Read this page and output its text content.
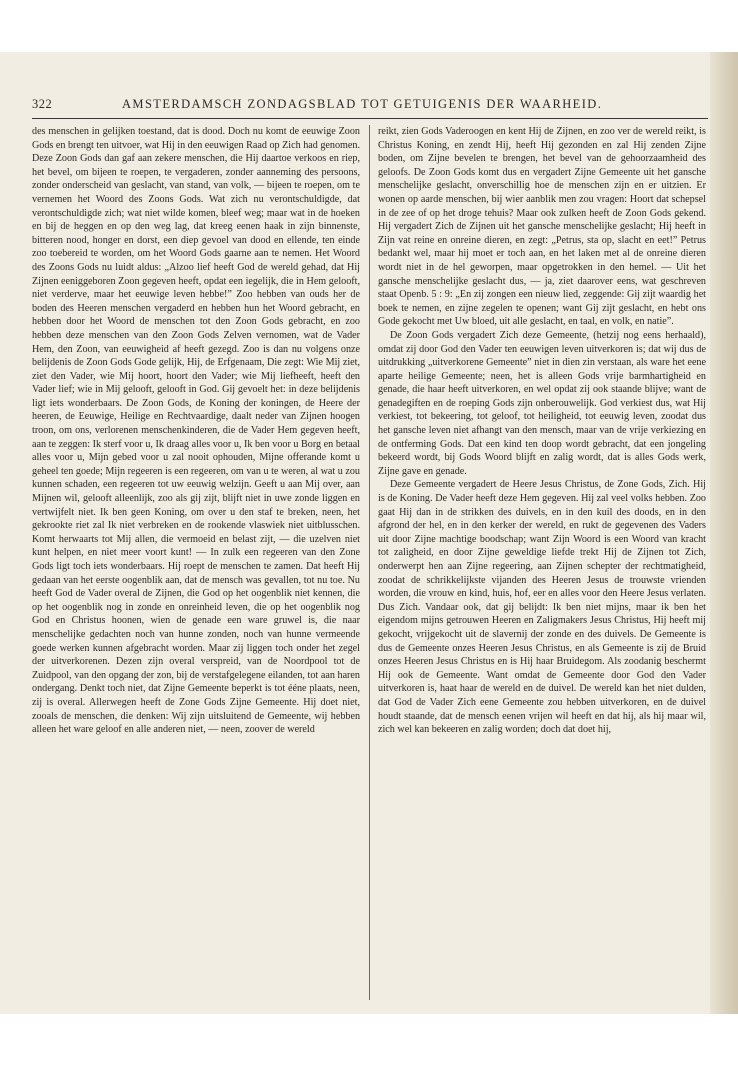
322	AMSTERDAMSCH ZONDAGSBLAD TOT GETUIGENIS DER WAARHEID.

des menschen in gelijken toestand, dat is dood. Doch nu komt de eeuwige Zoon Gods en brengt ten uitvoer, wat Hij in den eeuwigen Raad op Zich had genomen. Deze Zoon Gods dan gaf aan zekere menschen, die Hij daartoe verkoos en riep, het bevel, om bijeen te roepen, te vergaderen, zonder aanneming des persoons, zonder onderscheid van geslacht, van stand, van volk, — bijeen te roepen, om te vernemen het Woord des Zoons Gods. Wat zich nu verontschuldigde, dat verontschuldigde zich; wat niet wilde komen, bleef weg; maar wat in de hoeken en bij de heggen en op den weg lag, dat kreeg eenen haak in zijn binnenste, bitteren nood, honger en dorst, een diep gevoel van dood en ellende, ten einde zoo toebereid te worden, om het Woord Gods gaarne aan te nemen. Het Woord des Zoons Gods nu luidt aldus: „Alzoo lief heeft God de wereld gehad, dat Hij Zijnen eeniggeboren Zoon gegeven heeft, opdat een iegelijk, die in Hem gelooft, niet verderve, maar het eeuwige leven hebbe!” Zoo hebben van ouds her de boden des Heeren menschen vergaderd en hebben hun het Woord gebracht, en hebben door het Woord de menschen tot den Zoon Gods gebracht, en zoo hebben deze menschen van den Zoon Gods Zelven vernomen, wat de Vader Hem, den Zoon, van eeuwigheid af heeft gezegd. Zoo is dan nu volgens onze belijdenis de Zoon Gods Gode gelijk, Hij, de Erfgenaam, Die zegt: Wie Mij ziet, ziet den Vader, wie Mij hoort, hoort den Vader; wie Mij liefheeft, heeft den Vader lief; wie in Mij gelooft, gelooft in God. Gij gevoelt het: in deze belijdenis ligt iets wonderbaars. De Zoon Gods, de Koning der koningen, de Heere der heeren, de Eeuwige, Heilige en Rechtvaardige, daalt neder van Zijnen hoogen troon, om ons, verlorenen menschenkinderen, die de Vader Hem gegeven heeft, aan te zeggen: Ik sterf voor u, Ik draag alles voor u, Ik ben voor u Borg en betaal alles voor u, Mijn gebed voor u zal nooit ophouden, Mijne offerande komt u geheel ten goede; Mijn regeeren is een regeeren, om van u te weren, al wat u zou kunnen schaden, een regeeren tot uw eeuwig welzijn. Geeft u aan Mij over, aan Mijnen wil, gelooft alleenlijk, zoo als gij zijt, blijft niet in uwe zonde liggen en vertwijfelt niet. Ik ben geen Koning, om over u den staf te breken, neen, het gekrookte riet zal Ik niet verbreken en de rookende vlaswiek niet uitblusschen. Komt herwaarts tot Mij allen, die vermoeid en belast zijt, — die uzelven niet kunt helpen, en niet meer voort kunt! — In zulk een regeeren van den Zone Gods ligt toch iets wonderbaars. Hij roept de menschen te zamen. Dat heeft Hij gedaan van het eerste oogenblik aan, dat de mensch was gevallen, tot nu toe. Nu heeft God de Vader overal de Zijnen, die God op het oogenblik niet kennen, die op het oogenblik nog in zonde en onreinheid leven, die op het oogenblik nog God en Christus hoonen, wien de genade een ware gruwel is, die naar menschelijke gedachten noch van hunne zonden, noch van hunne vermeende goede werken kunnen afgebracht worden. Maar zij liggen toch onder het zegel der uitverkorenen. Dezen zijn overal verspreid, van de Noordpool tot de Zuidpool, van den opgang der zon, bij de verstafgelegene eilanden, tot aan haren ondergang. Denkt toch niet, dat Zijne Gemeente beperkt is tot ééne plaats, neen, zij is overal. Allerwegen heeft de Zone Gods Zijne Gemeente. Hij doet niet, zooals de menschen, die denken: Wij zijn uitsluitend de Gemeente, wij hebben alleen het ware geloof en alle anderen niet, — neen, zoover de wereld

reikt, zien Gods Vaderoogen en kent Hij de Zijnen, en zoo ver de wereld reikt, is Christus Koning, en zendt Hij, heeft Hij gezonden en zal Hij zenden Zijne boden, om Zijne bevelen te brengen, het bevel van de gehoorzaamheid des geloofs. De Zoon Gods komt dus en vergadert Zijne Gemeente uit het gansche menschelijke geslacht, onverschillig hoe de menschen zijn en er uitzien. Er wonen op aarde menschen, bij wier aanblik men zou vragen: Hoort dat schepsel in de zee of op het droge tehuis? Maar ook zulken heeft de Zoon Gods gekend. Hij vergadert Zich de Zijnen uit het gansche menschelijke geslacht; Hij heeft in Zijn vat reine en onreine dieren, en zegt: „Petrus, sta op, slacht en eet!” Petrus bedankt wel, maar hij moet er toch aan, en het laken met al de onreine dieren wordt niet in de hel geworpen, maar opgetrokken in den hemel. — Uit het gansche menschelijke geslacht dus, — ja, ziet daarover eens, wat geschreven staat Openb. 5 : 9: „En zij zongen een nieuw lied, zeggende: Gij zijt waardig het boek te nemen, en zijne zegelen te openen; want Gij zijt geslacht, en hebt ons Gode gekocht met Uw bloed, uit alle geslacht, en taal, en volk, en natie”.

De Zoon Gods vergadert Zich deze Gemeente, (hetzij nog eens herhaald), omdat zij door God den Vader ten eeuwigen leven uitverkoren is; dat wij dus de uitdrukking „uitverkorene Gemeente” niet in dien zin verstaan, als ware het eene aparte heilige Gemeente; neen, het is alleen Gods vrije barmhartigheid en genade, die haar heeft uitverkoren, en wel opdat zij ook staande blijve; want de genadegiften en de roeping Gods zijn onberouwelijk. God verkiest dus, wat Hij verkiest, tot bekeering, tot geloof, tot heiligheid, tot eeuwig leven, zoodat dus het gansche leven niet afhangt van den mensch, maar van de vrije verkiezing en de ontferming Gods. Dat een kind ten doop wordt gebracht, dat een jongeling bekeerd wordt, bij Gods Woord blijft en zalig wordt, dat is alles Gods werk, Zijne gave en genade.

Deze Gemeente vergadert de Heere Jesus Christus, de Zone Gods, Zich. Hij is de Koning. De Vader heeft deze Hem gegeven. Hij zal veel volks hebben. Zoo gaat Hij dan in de strikken des duivels, en in den kuil des doods, en in den afgrond der hel, en in den kerker der wereld, en rukt de gegevenen des Vaders uit door Zijne machtige boodschap; want Zijn Woord is een Woord van kracht tot zaligheid, en door Zijne geweldige liefde trekt Hij de Zijnen tot Zich, onderwerpt hen aan Zijne regeering, aan Zijnen schepter der rechtmatigheid, zoodat de schrikkelijkste vijanden des Heeren Jesus de trouwste vrienden worden, die vrouw en kind, huis, hof, eer en alles voor den Heere Jesus verlaten. Dus Zich. Vandaar ook, dat gij belijdt: Ik ben niet mijns, maar ik ben het eigendom mijns getrouwen Heeren en Zaligmakers Jesus Christus, Hij heeft mij gekocht, vrijgekocht uit de slavernij der zonde en des duivels. De Gemeente is dus de Gemeente onzes Heeren Jesus Christus, en als Gemeente is zij de Bruid onzes Heeren Jesus Christus en is Hij haar Bruidegom. Als zoodanig beschermt Hij ook de Gemeente. Want omdat de Gemeente door God den Vader uitverkoren is, haat haar de wereld en de duivel. De wereld kan het niet dulden, dat God de Vader Zich eene Gemeente zou hebben uitverkoren, en de duivel houdt staande, dat de mensch eenen vrijen wil heeft en dat hij, als hij maar wil, zich wel kan bekeeren en zalig worden; doch dat doet hij,
